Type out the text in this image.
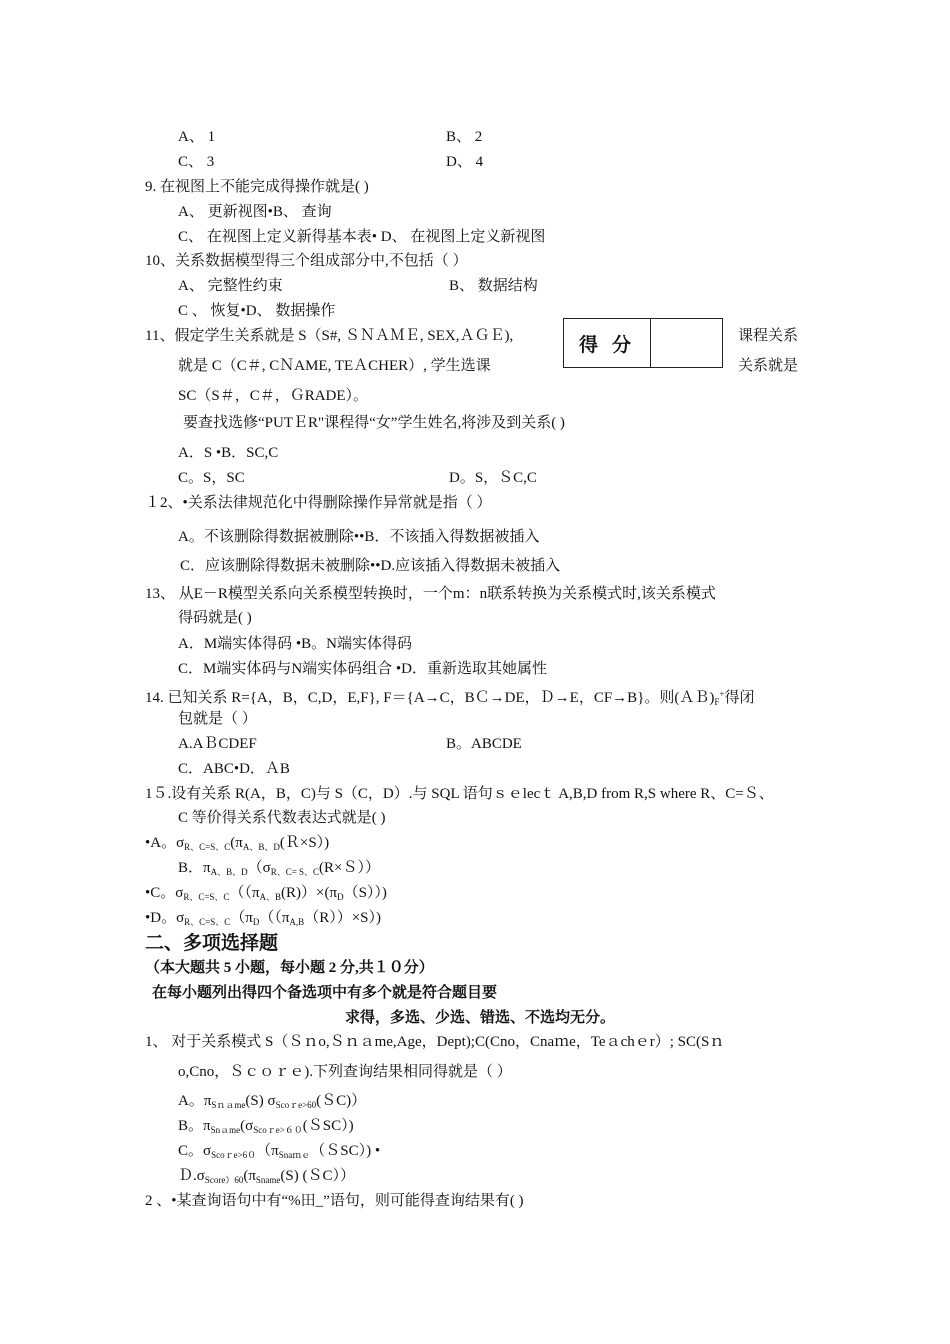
A、 1	B、 2
C、 3	D、 4
9. 在视图上不能完成得操作就是( )
A、 更新视图•B、 查询
C、 在视图上定义新得基本表• D、 在视图上定义新视图
10、关系数据模型得三个组成部分中,不包括（ ）
A、 完整性约束	B、 数据结构
C 、 恢复•D、 数据操作
得分
11、假定学生关系就是 S（S#, ＳＮＡＭＥ, SEX,ＡＧＥ),	课程关系
就是 C（C＃, CＮAME, TEＡCHER）, 学生选课	关系就是
SC（S＃，C＃，ＧRADE）。
要查找选修“PUTＥR"课程得“女”学生姓名,将涉及到关系( )
A．S •B．SC,C
C。S，SC	D。S，ＳC,C
１2、•关系法律规范化中得删除操作异常就是指（ ）
A。不该删除得数据被删除••B．不该插入得数据被插入
C．应该删除得数据未被删除••D.应该插入得数据未被插入
13、 从E－R模型关系向关系模型转换时，一个m：n联系转换为关系模式时,该关系模式
得码就是( )
A．M端实体得码 •B。N端实体得码
C．M端实体码与N端实体码组合 •D．重新选取其她属性
14. 已知关系 R={A，B，C,D，E,F}, F＝{A→C，BＣ→DE，Ｄ→E，CF→B}。则$(AB)_F^+$得闭
包就是（ ）
A.AＢCDEF	B。ABCDE
C．ABC•D．ＡB
1５.设有关系 R(A，B，C)与 S（C，D）.与 SQL 语句ｓｅlecｔ A,B,D from R,S where R、C=Ｓ、
C 等价得关系代数表达式就是( )
•A。$\sigma_{R、C=S、C}(\pi_{A、B、D}(R\times S))$
B．$\pi_{A、B、D}(\sigma_{R、C= S、C}(R\times S))$
•C。$\sigma_{R、C=S、C}((\pi_{A、B}(R))\times(\pi_D(S)))$
•D。$\sigma_{R、C=S、C}(\pi_D((\pi_{A,B}(R))\times S))$
二、多项选择题
（本大题共 5 小题，每小题 2 分,共１０分）
在每小题列出得四个备选项中有多个就是符合题目要
求得，多选、少选、错选、不选均无分。
1、 对于关系模式 S（Ｓｎo,Ｓｎａme,Age，Dept);C(Cno，Cnaｍe，Teａchｅr）; SC(Sｎ
o,Cno，Ｓｃｏｒｅ).下列查询结果相同得就是（ ）
A。$\pi_{Sname}(S)$ $\sigma_{Score>60}(SC)$）
B。$\pi_{Sname}(\sigma_{Score>60}(SSC))$
C。$\sigma_{Score>60}(\pi_{Sname}(SSC))$ •
$D.\sigma_{Score)60}(\pi_{Sname}(S)$ (ＳC））
2 、•某查询语句中有“%田_”语句，则可能得查询结果有( )
